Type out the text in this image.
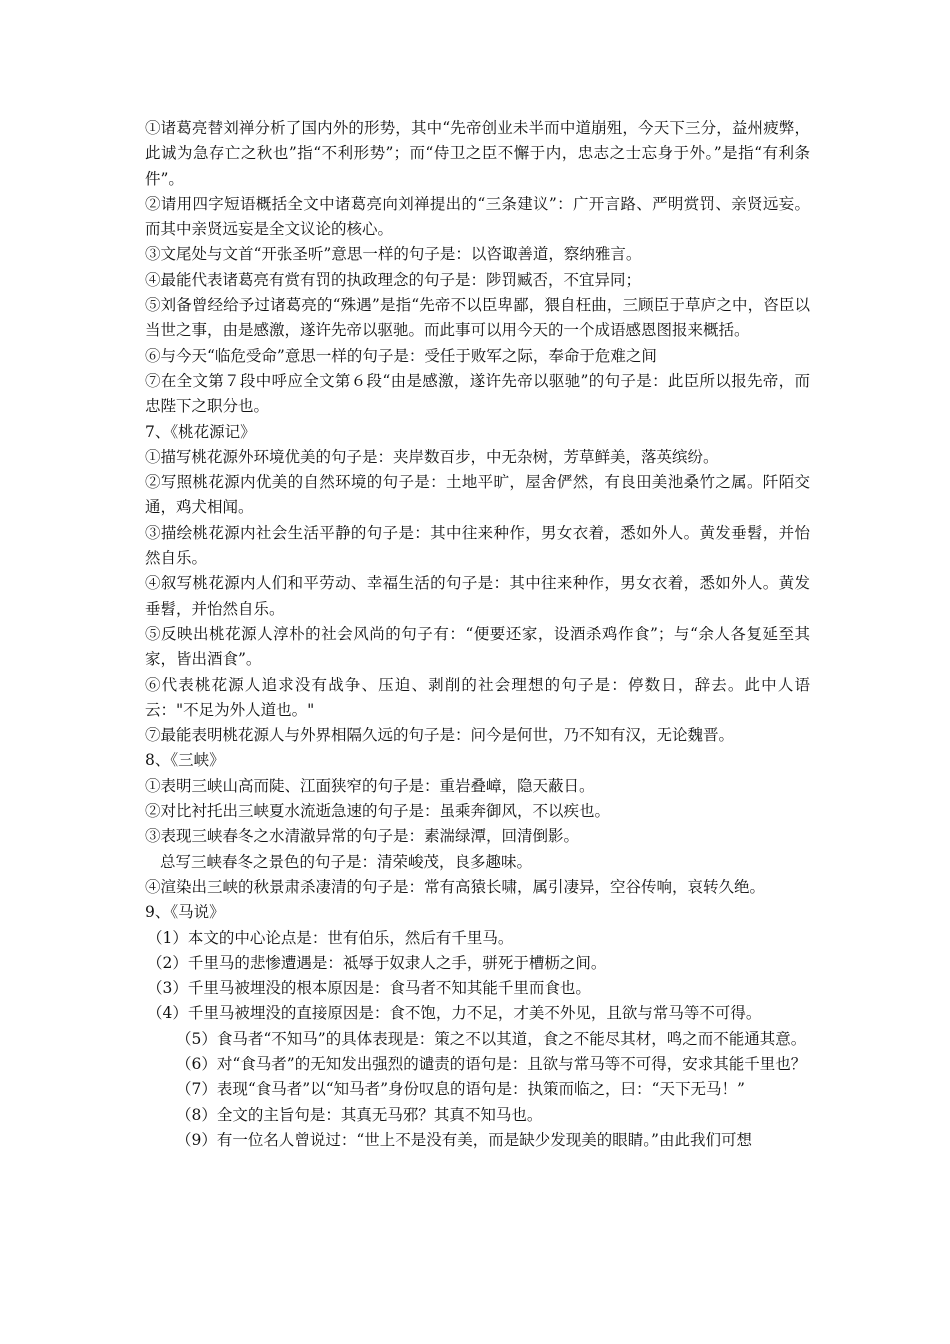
①诸葛亮替刘禅分析了国内外的形势，其中“先帝创业未半而中道崩殂，今天下三分，益州疲弊，此诚为急存亡之秋也”指“不利形势”；而“侍卫之臣不懈于内，忠志之士忘身于外。”是指“有利条件”。

②请用四字短语概括全文中诸葛亮向刘禅提出的“三条建议”：广开言路、严明赏罚、亲贤远妄。而其中亲贤远妄是全文议论的核心。

③文尾处与文首“开张圣听”意思一样的句子是：以咨诹善道，察纳雅言。

④最能代表诸葛亮有赏有罚的执政理念的句子是：陟罚臧否，不宜异同；

⑤刘备曾经给予过诸葛亮的“殊遇”是指“先帝不以臣卑鄙，猥自枉曲，三顾臣于草庐之中，咨臣以当世之事，由是感激，遂许先帝以驱驰。而此事可以用今天的一个成语感恩图报来概括。

⑥与今天“临危受命”意思一样的句子是：受任于败军之际，奉命于危难之间

⑦在全文第７段中呼应全文第６段“由是感激，遂许先帝以驱驰”的句子是：此臣所以报先帝，而忠陛下之职分也。

7、《桃花源记》

①描写桃花源外环境优美的句子是：夹岸数百步，中无杂树，芳草鲜美，落英缤纷。

②写照桃花源内优美的自然环境的句子是：土地平旷，屋舍俨然，有良田美池桑竹之属。阡陌交通，鸡犬相闻。

③描绘桃花源内社会生活平静的句子是：其中往来种作，男女衣着，悉如外人。黄发垂髫，并怡然自乐。

④叙写桃花源内人们和平劳动、幸福生活的句子是：其中往来种作，男女衣着，悉如外人。黄发垂髫，并怡然自乐。

⑤反映出桃花源人淳朴的社会风尚的句子有：“便要还家，设酒杀鸡作食”；与“余人各复延至其家，皆出酒食”。

⑥代表桃花源人追求没有战争、压迫、剥削的社会理想的句子是：停数日，辞去。此中人语云："不足为外人道也。"

⑦最能表明桃花源人与外界相隔久远的句子是：问今是何世，乃不知有汉，无论魏晋。

8、《三峡》

①表明三峡山高而陡、江面狭窄的句子是：重岩叠嶂，隐天蔽日。

②对比衬托出三峡夏水流逝急速的句子是：虽乘奔御风，不以疾也。

③表现三峡春冬之水清澈异常的句子是：素湍绿潭，回清倒影。

总写三峡春冬之景色的句子是：清荣峻茂，良多趣味。

④渲染出三峡的秋景肃杀凄清的句子是：常有高猿长啸，属引凄异，空谷传响，哀转久绝。

9、《马说》

（1）本文的中心论点是：世有伯乐，然后有千里马。

（2）千里马的悲惨遭遇是：祗辱于奴隶人之手，骈死于槽枥之间。

（3）千里马被埋没的根本原因是：食马者不知其能千里而食也。

（4）千里马被埋没的直接原因是：食不饱，力不足，才美不外见，且欲与常马等不可得。

（5）食马者“不知马”的具体表现是：策之不以其道，食之不能尽其材，鸣之而不能通其意。

（6）对“食马者”的无知发出强烈的谴责的语句是：且欲与常马等不可得，安求其能千里也？

（7）表现“食马者”以“知马者”身份叹息的语句是：执策而临之，曰：“天下无马！”

（8）全文的主旨句是：其真无马邪？其真不知马也。

（9）有一位名人曾说过：“世上不是没有美，而是缺少发现美的眼睛。”由此我们可想
